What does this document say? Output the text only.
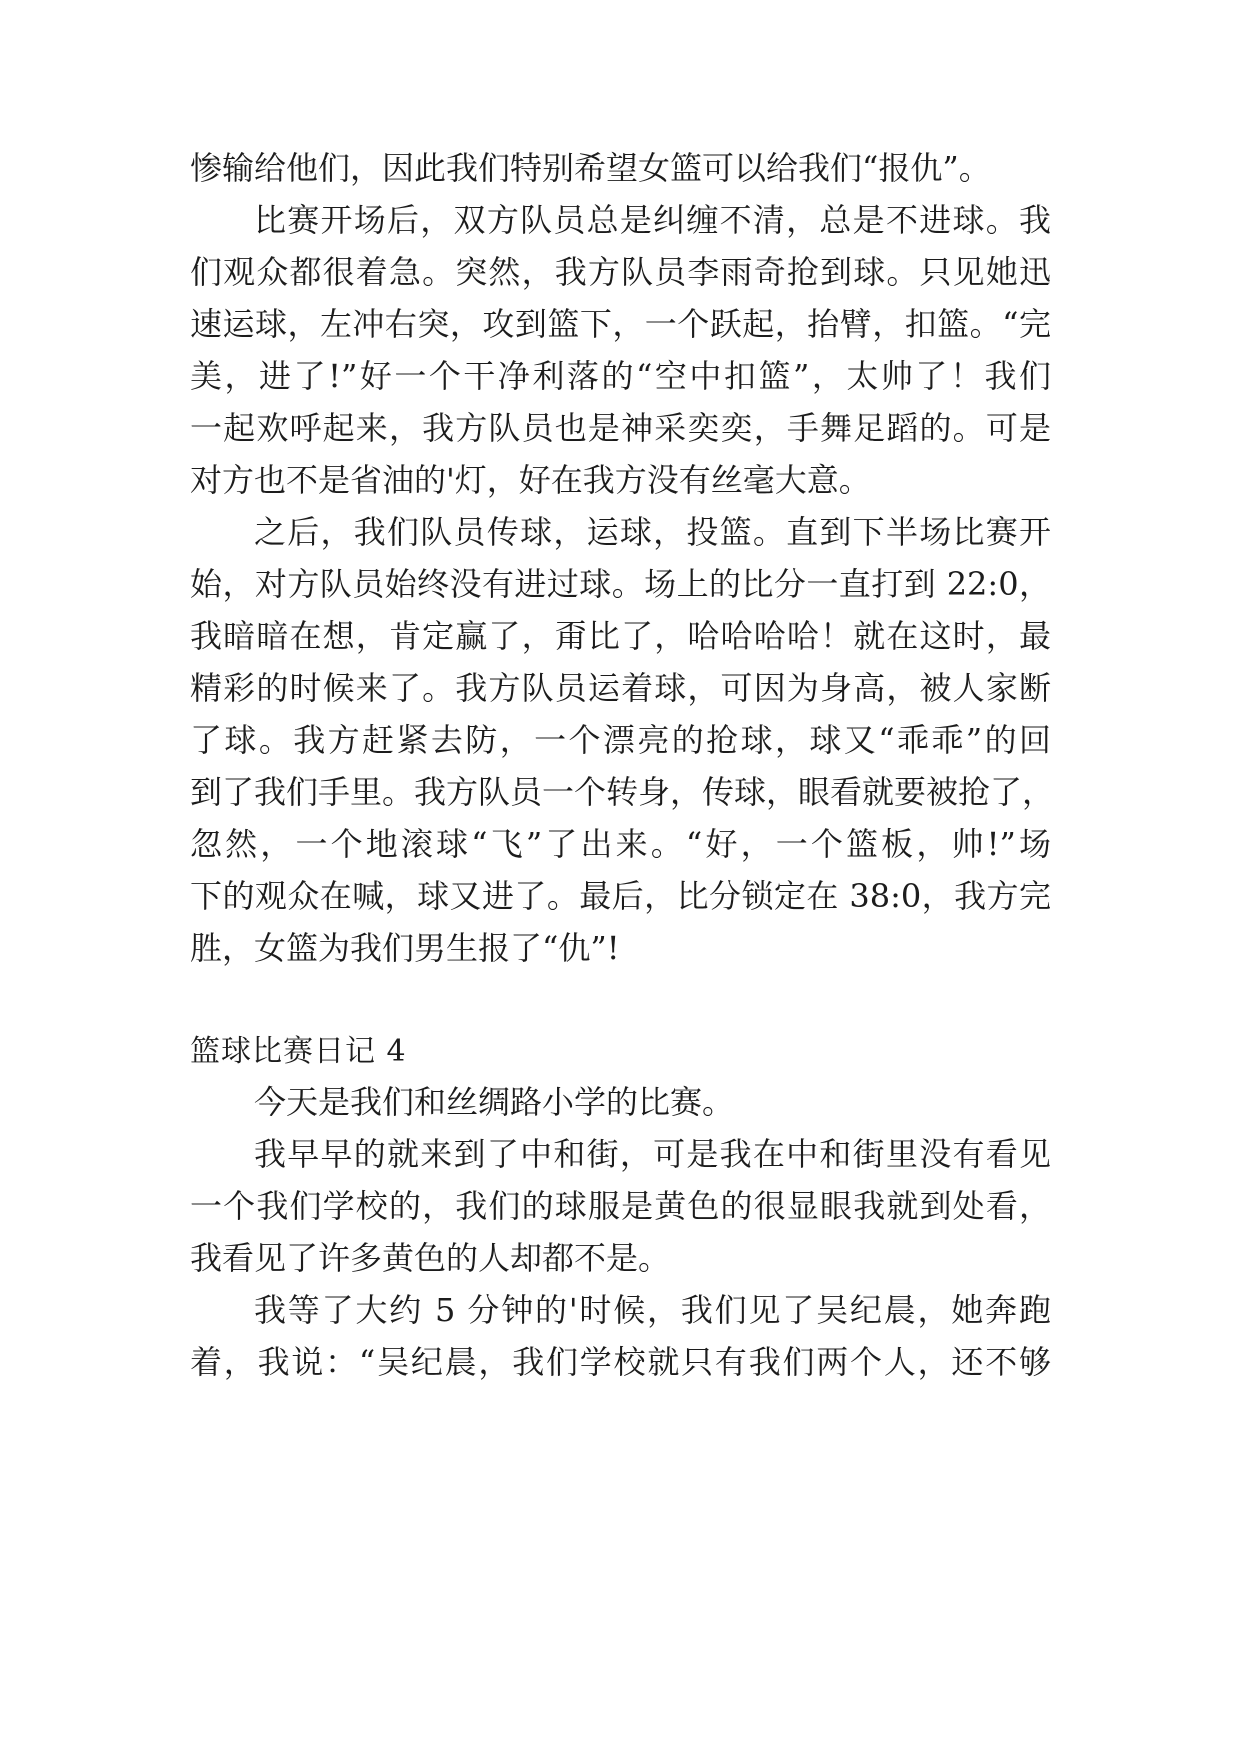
惨输给他们，因此我们特别希望女篮可以给我们“报仇”。
比赛开场后，双方队员总是纠缠不清，总是不进球。我
们观众都很着急。突然，我方队员李雨奇抢到球。只见她迅
速运球，左冲右突，攻到篮下，一个跃起，抬臂，扣篮。“完
美，进了!”好一个干净利落的“空中扣篮”，太帅了！我们
一起欢呼起来，我方队员也是神采奕奕，手舞足蹈的。可是
对方也不是省油的'灯，好在我方没有丝毫大意。
之后，我们队员传球，运球，投篮。直到下半场比赛开
始，对方队员始终没有进过球。场上的比分一直打到 22:0，
我暗暗在想，肯定赢了，甭比了，哈哈哈哈！就在这时，最
精彩的时候来了。我方队员运着球，可因为身高，被人家断
了球。我方赶紧去防，一个漂亮的抢球，球又“乖乖”的回
到了我们手里。我方队员一个转身，传球，眼看就要被抢了，
忽然，一个地滚球“飞”了出来。“好，一个篮板，帅!”场
下的观众在喊，球又进了。最后，比分锁定在 38:0，我方完
胜，女篮为我们男生报了“仇”!
篮球比赛日记 4
今天是我们和丝绸路小学的比赛。
我早早的就来到了中和街，可是我在中和街里没有看见
一个我们学校的，我们的球服是黄色的很显眼我就到处看，
我看见了许多黄色的人却都不是。
我等了大约 5 分钟的'时候，我们见了吴纪晨，她奔跑
着，我说：“吴纪晨，我们学校就只有我们两个人，还不够
